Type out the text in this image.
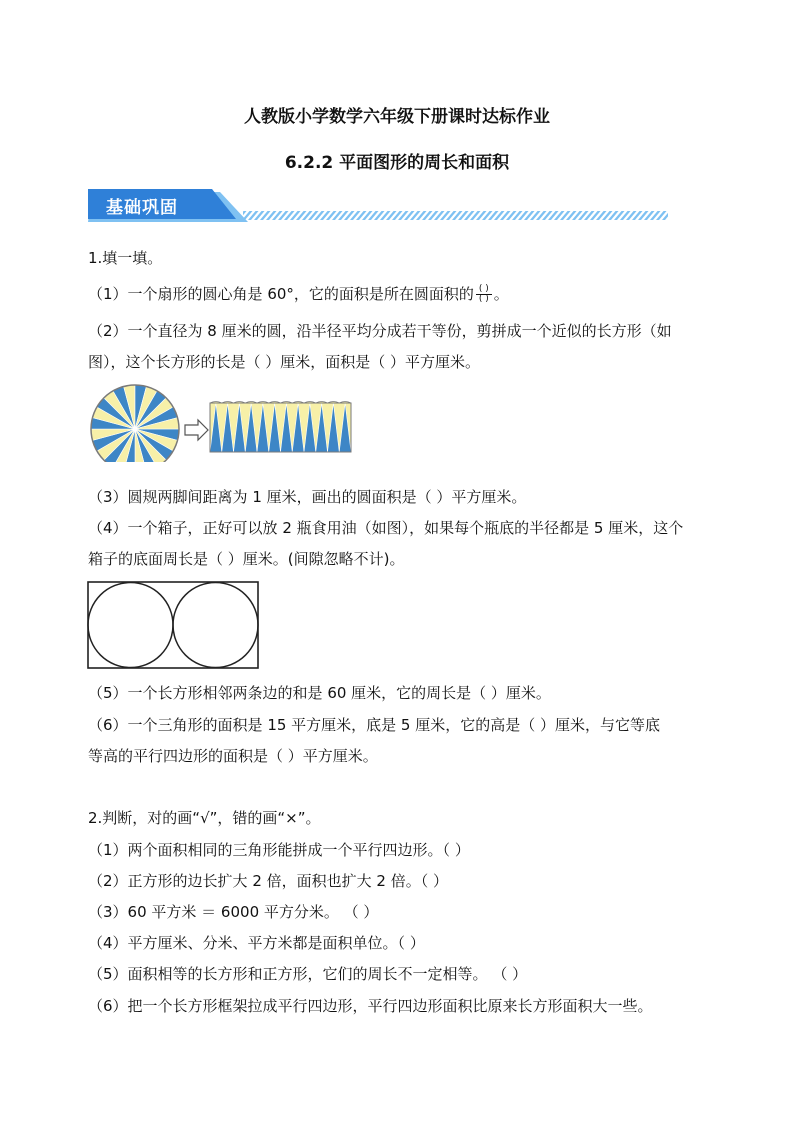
人教版小学数学六年级下册课时达标作业
6.2.2 平面图形的周长和面积
基础巩固
1.填一填。
（1）一个扇形的圆心角是 60°，它的面积是所在圆面积的 $\frac{( )}{( )}$ 。
（2）一个直径为 8 厘米的圆，沿半径平均分成若干等份，剪拼成一个近似的长方形（如
图），这个长方形的长是（ ）厘米，面积是（ ）平方厘米。
（3）圆规两脚间距离为 1 厘米，画出的圆面积是（ ）平方厘米。
（4）一个箱子，正好可以放 2 瓶食用油（如图），如果每个瓶底的半径都是 5 厘米，这个
箱子的底面周长是（ ）厘米。(间隙忽略不计)。
（5）一个长方形相邻两条边的和是 60 厘米，它的周长是（ ）厘米。
（6）一个三角形的面积是 15 平方厘米，底是 5 厘米，它的高是（ ）厘米，与它等底
等高的平行四边形的面积是（ ）平方厘米。
2.判断，对的画“√”，错的画“×”。
（1）两个面积相同的三角形能拼成一个平行四边形。（ ）
（2）正方形的边长扩大 2 倍，面积也扩大 2 倍。（ ）
（3）60 平方米 ＝ 6000 平方分米。 （ ）
（4）平方厘米、分米、平方米都是面积单位。（ ）
（5）面积相等的长方形和正方形，它们的周长不一定相等。 （ ）
（6）把一个长方形框架拉成平行四边形，平行四边形面积比原来长方形面积大一些。
